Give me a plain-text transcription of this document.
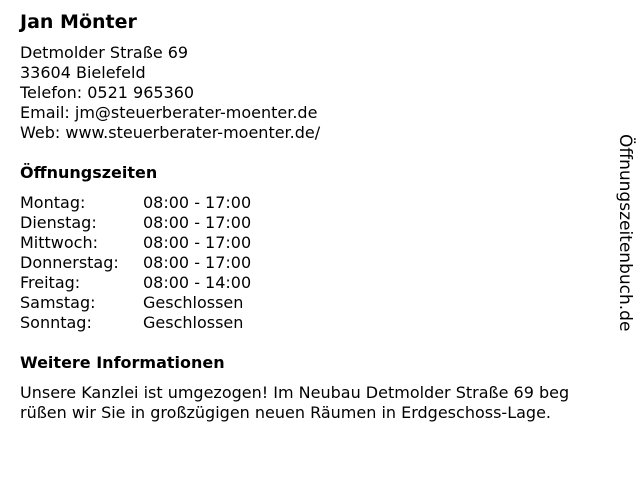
Jan Mönter
Detmolder Straße 69
33604 Bielefeld
Telefon: 0521 965360
Email: jm@steuerberater-moenter.de
Web: www.steuerberater-moenter.de/
Öffnungszeiten
Montag:	08:00 - 17:00
Dienstag:	08:00 - 17:00
Mittwoch:	08:00 - 17:00
Donnerstag:	08:00 - 17:00
Freitag:	08:00 - 14:00
Samstag:	Geschlossen
Sonntag:	Geschlossen
Weitere Informationen
Unsere Kanzlei ist umgezogen! Im Neubau Detmolder Straße 69 beg
rüßen wir Sie in großzügigen neuen Räumen in Erdgeschoss-Lage.
Öffnungszeitenbuch.de
